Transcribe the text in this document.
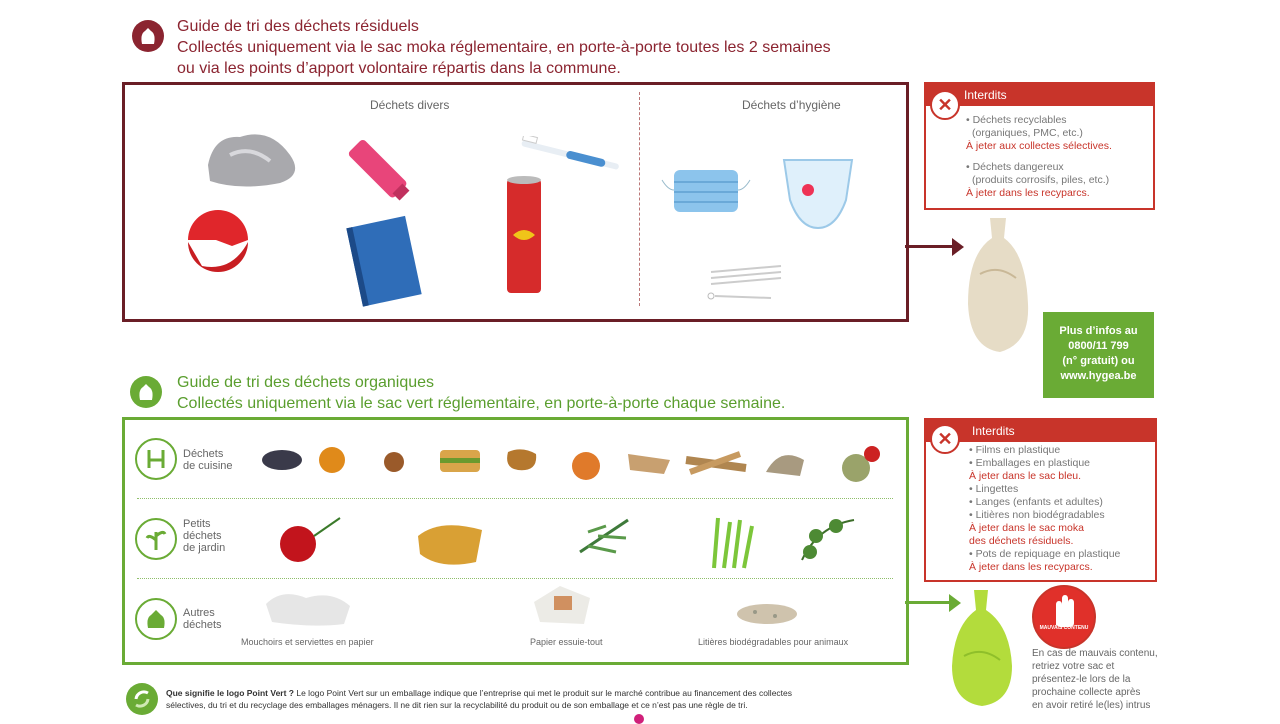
Guide de tri des déchets résiduels
Collectés uniquement via le sac moka réglementaire, en porte-à-porte toutes les 2 semaines
ou via les points d’apport volontaire répartis dans la commune.
Déchets divers	Déchets d’hygiène
Interdits
• Déchets recyclables
(organiques, PMC, etc.)
À jeter aux collectes sélectives.
• Déchets dangereux
(produits corrosifs, piles, etc.)
À jeter dans les recyparcs.
✕
Plus d’infos au
0800/11 799
(n° gratuit) ou
www.hygea.be
Guide de tri des déchets organiques
Collectés uniquement via le sac vert réglementaire, en porte-à-porte chaque semaine.
Déchets
de cuisine
Petits
déchets
de jardin
Autres
déchets
Mouchoirs et serviettes en papier	Papier essuie-tout	Litières biodégradables pour animaux
Interdits
• Films en plastique
• Emballages en plastique
À jeter dans le sac bleu.
• Lingettes
• Langes (enfants et adultes)
• Litières non biodégradables
À jeter dans le sac moka
des déchets résiduels.
• Pots de repiquage en plastique
À jeter dans les recyparcs.
✕
MAUVAIS CONTENU
En cas de mauvais contenu,
retriez votre sac et
présentez-le lors de la
prochaine collecte après
en avoir retiré le(les) intrus
Que signifie le logo Point Vert ? Le logo Point Vert sur un emballage indique que l’entreprise qui met le produit sur le marché contribue au financement des collectes
sélectives, du tri et du recyclage des emballages ménagers. Il ne dit rien sur la recyclabilité du produit ou de son emballage et ce n’est pas une règle de tri.
